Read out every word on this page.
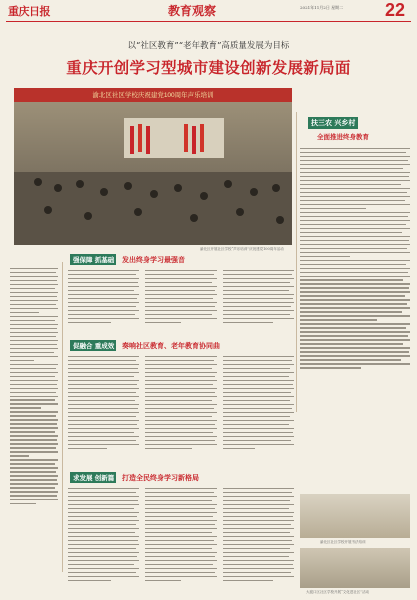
重庆日报	教育观察	2021年11月2日 星期二 22
以“社区教育”“老年教育”高质量发展为目标
重庆开创学习型城市建设创新发展新局面
渝北区社区学校庆祝建党100周年声乐培训
渝北区开展社区学校“声乐培训”庆祝建党100周年活动
扶三农 兴乡村
全面推进终身教育
强保障 抓基础 发出终身学习最强音
促融合 重成效 奏响社区教育、老年教育协同曲
求发展 创新篇 打造全民终身学习新格局
渝北区社区学校开展书法培训
大渡口区社区学校开展“文化进社区”活动
